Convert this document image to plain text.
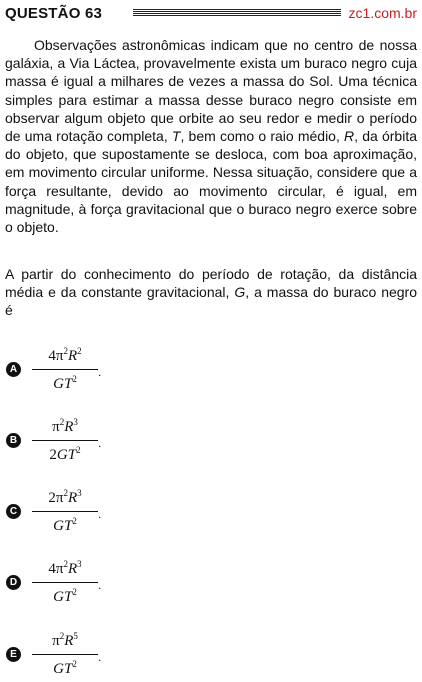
QUESTÃO 63	zc1.com.br

Observações astronômicas indicam que no centro de nossa galáxia, a Via Láctea, provavelmente exista um buraco negro cuja massa é igual a milhares de vezes a massa do Sol. Uma técnica simples para estimar a massa desse buraco negro consiste em observar algum objeto que orbite ao seu redor e medir o período de uma rotação completa, T, bem como o raio médio, R, da órbita do objeto, que supostamente se desloca, com boa aproximação, em movimento circular uniforme. Nessa situação, considere que a força resultante, devido ao movimento circular, é igual, em magnitude, à força gravitacional que o buraco negro exerce sobre o objeto.

A partir do conhecimento do período de rotação, da distância média e da constante gravitacional, G, a massa do buraco negro é

A
$4\pi^2R^2$
$GT^2$	.
B
$\pi^2R^3$
$2GT^2$	.
C
$2\pi^2R^3$
$GT^2$	.
D
$4\pi^2R^3$
$GT^2$	.
E
$\pi^2R^5$
$GT^2$	.
